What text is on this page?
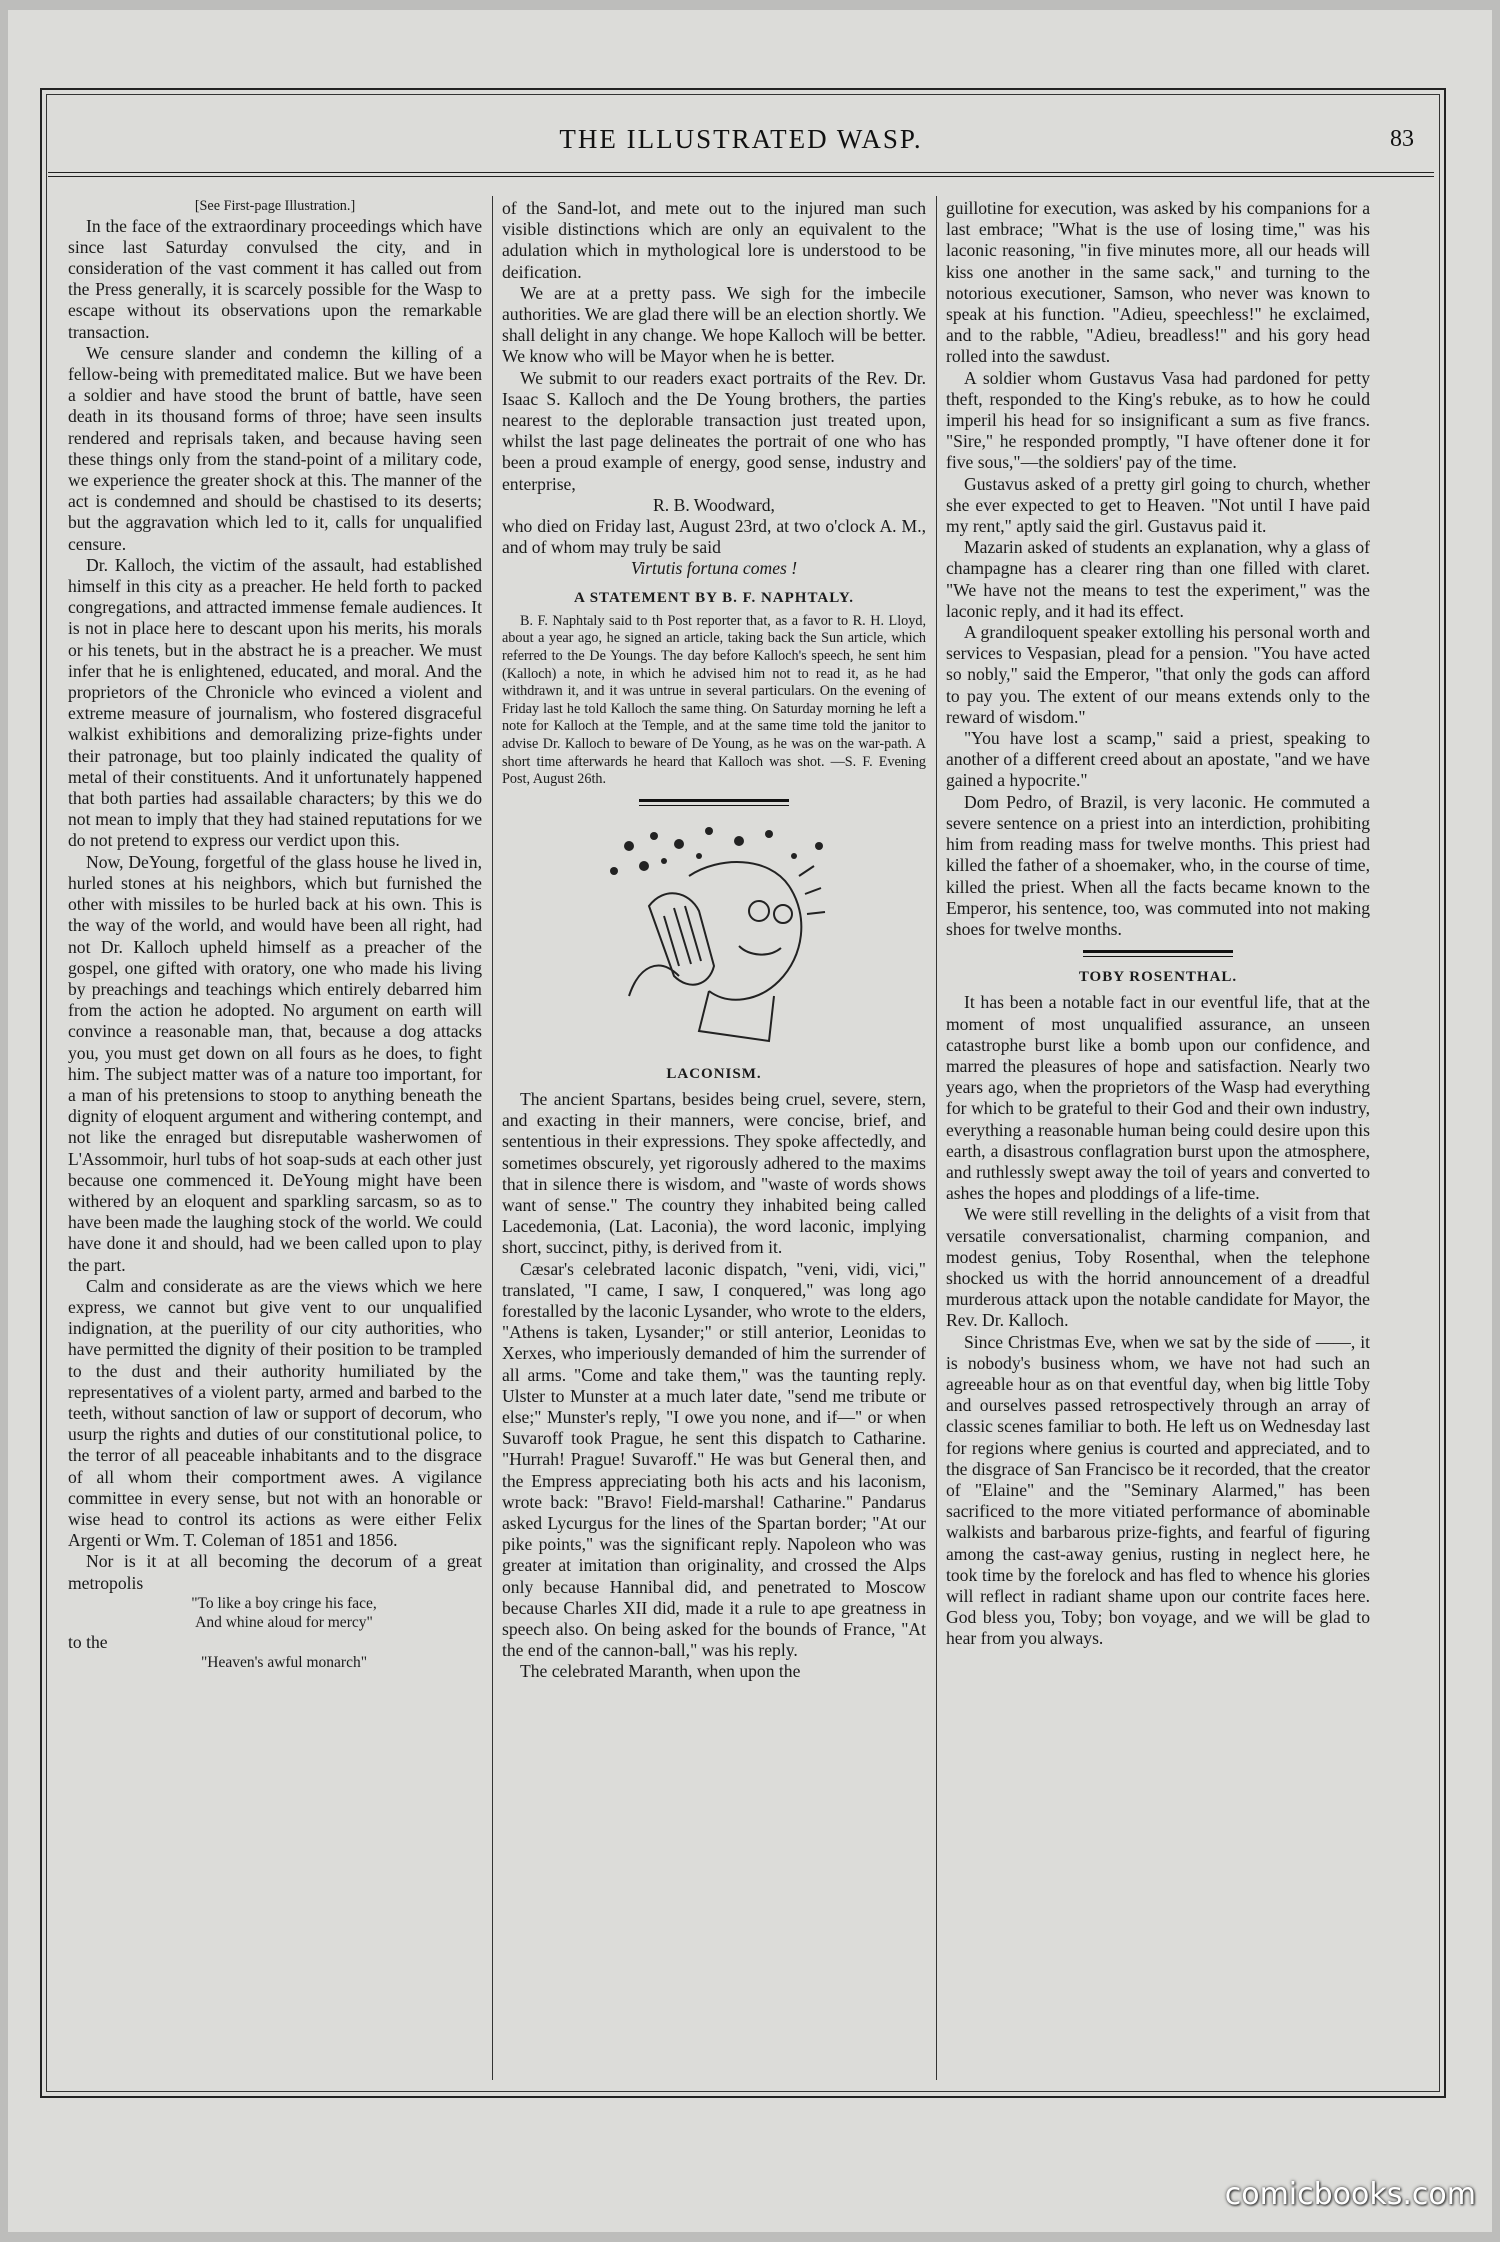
THE ILLUSTRATED WASP.	83

[See First-page Illustration.]

In the face of the extraordinary proceedings which have since last Saturday convulsed the city, and in consideration of the vast comment it has called out from the Press generally, it is scarcely possible for the Wasp to escape without its observations upon the remarkable transaction.

We censure slander and condemn the killing of a fellow-being with premeditated malice. But we have been a soldier and have stood the brunt of battle, have seen death in its thousand forms of throe; have seen insults rendered and reprisals taken, and because having seen these things only from the stand-point of a military code, we experience the greater shock at this. The manner of the act is condemned and should be chastised to its deserts; but the aggravation which led to it, calls for unqualified censure.

Dr. Kalloch, the victim of the assault, had established himself in this city as a preacher. He held forth to packed congregations, and attracted immense female audiences. It is not in place here to descant upon his merits, his morals or his tenets, but in the abstract he is a preacher. We must infer that he is enlightened, educated, and moral. And the proprietors of the Chronicle who evinced a violent and extreme measure of journalism, who fostered disgraceful walkist exhibitions and demoralizing prize-fights under their patronage, but too plainly indicated the quality of metal of their constituents. And it unfortunately happened that both parties had assailable characters; by this we do not mean to imply that they had stained reputations for we do not pretend to express our verdict upon this.

Now, DeYoung, forgetful of the glass house he lived in, hurled stones at his neighbors, which but furnished the other with missiles to be hurled back at his own. This is the way of the world, and would have been all right, had not Dr. Kalloch upheld himself as a preacher of the gospel, one gifted with oratory, one who made his living by preachings and teachings which entirely debarred him from the action he adopted. No argument on earth will convince a reasonable man, that, because a dog attacks you, you must get down on all fours as he does, to fight him. The subject matter was of a nature too important, for a man of his pretensions to stoop to anything beneath the dignity of eloquent argument and withering contempt, and not like the enraged but disreputable washerwomen of L'Assommoir, hurl tubs of hot soap-suds at each other just because one commenced it. DeYoung might have been withered by an eloquent and sparkling sarcasm, so as to have been made the laughing stock of the world. We could have done it and should, had we been called upon to play the part.

Calm and considerate as are the views which we here express, we cannot but give vent to our unqualified indignation, at the puerility of our city authorities, who have permitted the dignity of their position to be trampled to the dust and their authority humiliated by the representatives of a violent party, armed and barbed to the teeth, without sanction of law or support of decorum, who usurp the rights and duties of our constitutional police, to the terror of all peaceable inhabitants and to the disgrace of all whom their comportment awes. A vigilance committee in every sense, but not with an honorable or wise head to control its actions as were either Felix Argenti or Wm. T. Coleman of 1851 and 1856.

Nor is it at all becoming the decorum of a great metropolis

"To like a boy cringe his face,

And whine aloud for mercy"

to the

"Heaven's awful monarch"

of the Sand-lot, and mete out to the injured man such visible distinctions which are only an equivalent to the adulation which in mythological lore is understood to be deification.

We are at a pretty pass. We sigh for the imbecile authorities. We are glad there will be an election shortly. We shall delight in any change. We hope Kalloch will be better. We know who will be Mayor when he is better.

We submit to our readers exact portraits of the Rev. Dr. Isaac S. Kalloch and the De Young brothers, the parties nearest to the deplorable transaction just treated upon, whilst the last page delineates the portrait of one who has been a proud example of energy, good sense, industry and enterprise,

R. B. Woodward,

who died on Friday last, August 23rd, at two o'clock A. M., and of whom may truly be said

Virtutis fortuna comes !

A STATEMENT BY B. F. NAPHTALY.

B. F. Naphtaly said to th Post reporter that, as a favor to R. H. Lloyd, about a year ago, he signed an article, taking back the Sun article, which referred to the De Youngs. The day before Kalloch's speech, he sent him (Kalloch) a note, in which he advised him not to read it, as he had withdrawn it, and it was untrue in several particulars. On the evening of Friday last he told Kalloch the same thing. On Saturday morning he left a note for Kalloch at the Temple, and at the same time told the janitor to advise Dr. Kalloch to beware of De Young, as he was on the war-path. A short time afterwards he heard that Kalloch was shot. —S. F. Evening Post, August 26th.

LACONISM.

The ancient Spartans, besides being cruel, severe, stern, and exacting in their manners, were concise, brief, and sententious in their expressions. They spoke affectedly, and sometimes obscurely, yet rigorously adhered to the maxims that in silence there is wisdom, and "waste of words shows want of sense." The country they inhabited being called Lacedemonia, (Lat. Laconia), the word laconic, implying short, succinct, pithy, is derived from it.

Cæsar's celebrated laconic dispatch, "veni, vidi, vici," translated, "I came, I saw, I conquered," was long ago forestalled by the laconic Lysander, who wrote to the elders, "Athens is taken, Lysander;" or still anterior, Leonidas to Xerxes, who imperiously demanded of him the surrender of all arms. "Come and take them," was the taunting reply. Ulster to Munster at a much later date, "send me tribute or else;" Munster's reply, "I owe you none, and if—" or when Suvaroff took Prague, he sent this dispatch to Catharine. "Hurrah! Prague! Suvaroff." He was but General then, and the Empress appreciating both his acts and his laconism, wrote back: "Bravo! Field-marshal! Catharine." Pandarus asked Lycurgus for the lines of the Spartan border; "At our pike points," was the significant reply. Napoleon who was greater at imitation than originality, and crossed the Alps only because Hannibal did, and penetrated to Moscow because Charles XII did, made it a rule to ape greatness in speech also. On being asked for the bounds of France, "At the end of the cannon-ball," was his reply.

The celebrated Maranth, when upon the

guillotine for execution, was asked by his companions for a last embrace; "What is the use of losing time," was his laconic reasoning, "in five minutes more, all our heads will kiss one another in the same sack," and turning to the notorious executioner, Samson, who never was known to speak at his function. "Adieu, speechless!" he exclaimed, and to the rabble, "Adieu, breadless!" and his gory head rolled into the sawdust.

A soldier whom Gustavus Vasa had pardoned for petty theft, responded to the King's rebuke, as to how he could imperil his head for so insignificant a sum as five francs. "Sire," he responded promptly, "I have oftener done it for five sous,"—the soldiers' pay of the time.

Gustavus asked of a pretty girl going to church, whether she ever expected to get to Heaven. "Not until I have paid my rent," aptly said the girl. Gustavus paid it.

Mazarin asked of students an explanation, why a glass of champagne has a clearer ring than one filled with claret. "We have not the means to test the experiment," was the laconic reply, and it had its effect.

A grandiloquent speaker extolling his personal worth and services to Vespasian, plead for a pension. "You have acted so nobly," said the Emperor, "that only the gods can afford to pay you. The extent of our means extends only to the reward of wisdom."

"You have lost a scamp," said a priest, speaking to another of a different creed about an apostate, "and we have gained a hypocrite."

Dom Pedro, of Brazil, is very laconic. He commuted a severe sentence on a priest into an interdiction, prohibiting him from reading mass for twelve months. This priest had killed the father of a shoemaker, who, in the course of time, killed the priest. When all the facts became known to the Emperor, his sentence, too, was commuted into not making shoes for twelve months.

TOBY ROSENTHAL.

It has been a notable fact in our eventful life, that at the moment of most unqualified assurance, an unseen catastrophe burst like a bomb upon our confidence, and marred the pleasures of hope and satisfaction. Nearly two years ago, when the proprietors of the Wasp had everything for which to be grateful to their God and their own industry, everything a reasonable human being could desire upon this earth, a disastrous conflagration burst upon the atmosphere, and ruthlessly swept away the toil of years and converted to ashes the hopes and ploddings of a life-time.

We were still revelling in the delights of a visit from that versatile conversationalist, charming companion, and modest genius, Toby Rosenthal, when the telephone shocked us with the horrid announcement of a dreadful murderous attack upon the notable candidate for Mayor, the Rev. Dr. Kalloch.

Since Christmas Eve, when we sat by the side of ——, it is nobody's business whom, we have not had such an agreeable hour as on that eventful day, when big little Toby and ourselves passed retrospectively through an array of classic scenes familiar to both. He left us on Wednesday last for regions where genius is courted and appreciated, and to the disgrace of San Francisco be it recorded, that the creator of "Elaine" and the "Seminary Alarmed," has been sacrificed to the more vitiated performance of abominable walkists and barbarous prize-fights, and fearful of figuring among the cast-away genius, rusting in neglect here, he took time by the forelock and has fled to whence his glories will reflect in radiant shame upon our contrite faces here. God bless you, Toby; bon voyage, and we will be glad to hear from you always.

comicbooks.com
